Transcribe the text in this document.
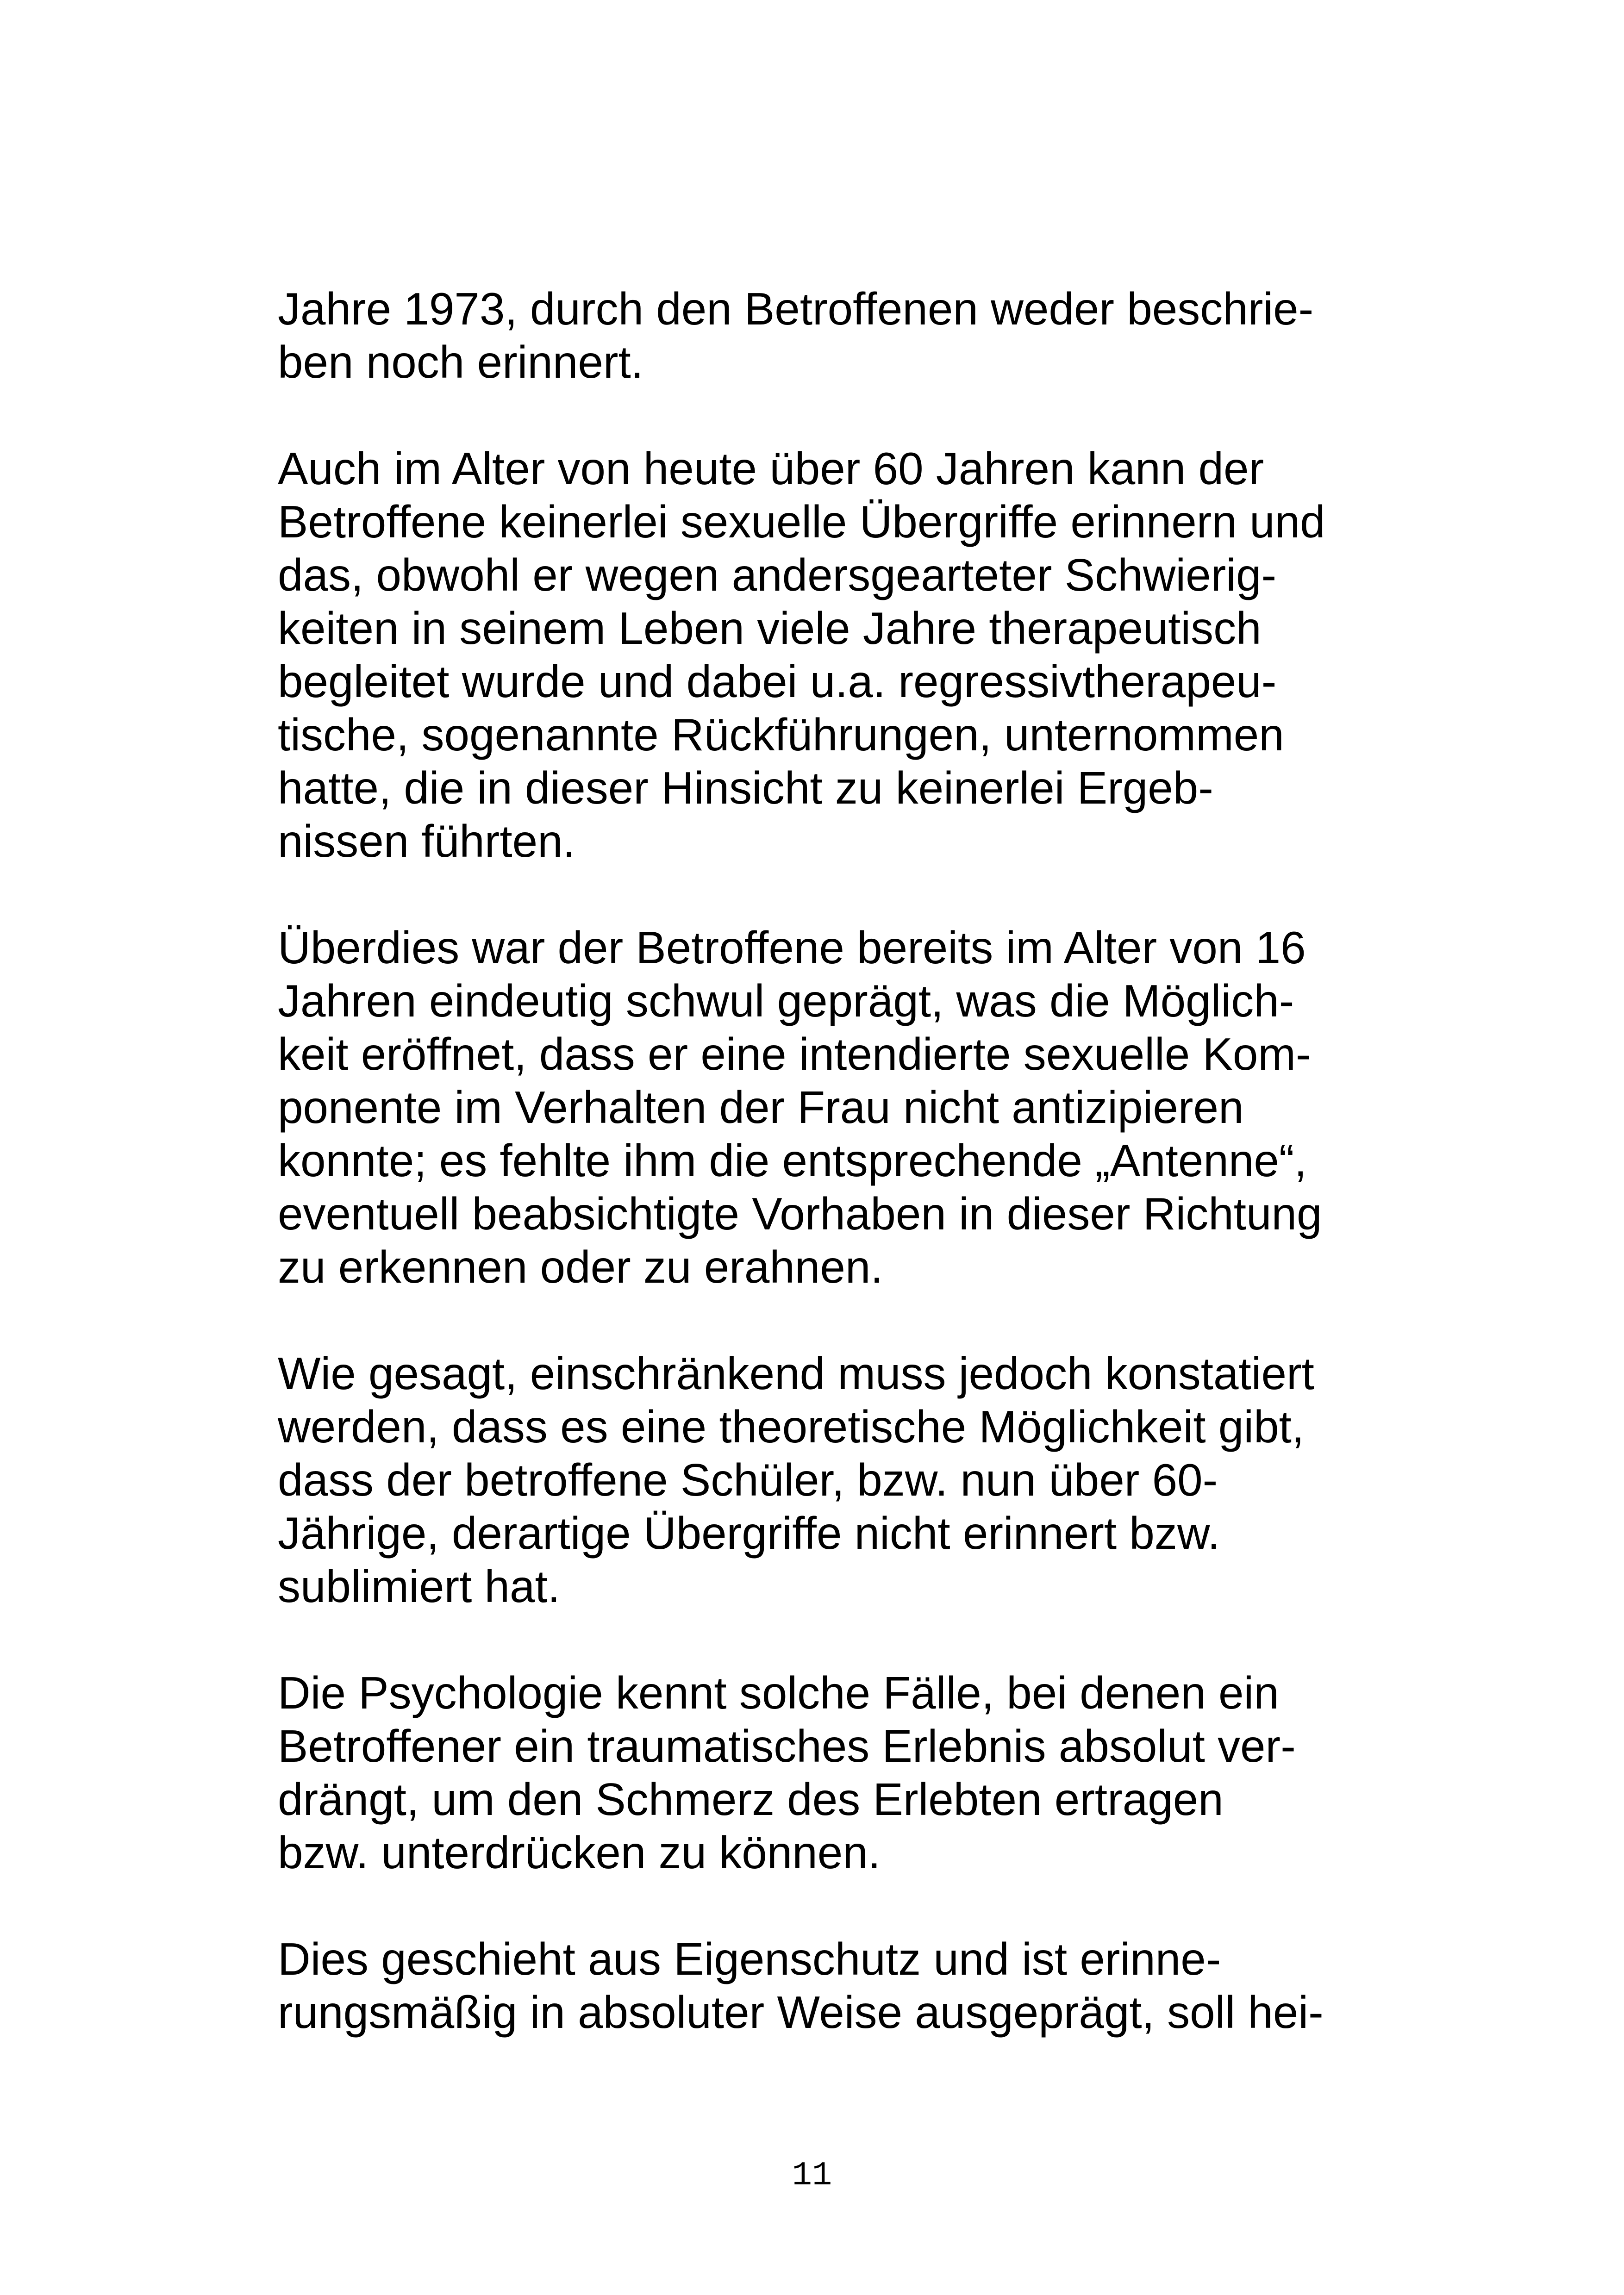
Jahre 1973, durch den Betroffenen weder beschrie-
ben noch erinnert.

Auch im Alter von heute über 60 Jahren kann der
Betroffene keinerlei sexuelle Übergriffe erinnern und
das, obwohl er wegen andersgearteter Schwierig-
keiten in seinem Leben viele Jahre therapeutisch
begleitet wurde und dabei u.a. regressivtherapeu-
tische, sogenannte Rückführungen, unternommen
hatte, die in dieser Hinsicht zu keinerlei Ergeb-
nissen führten.

Überdies war der Betroffene bereits im Alter von 16
Jahren eindeutig schwul geprägt, was die Möglich-
keit eröffnet, dass er eine intendierte sexuelle Kom-
ponente im Verhalten der Frau nicht antizipieren
konnte; es fehlte ihm die entsprechende „Antenne“,
eventuell beabsichtigte Vorhaben in dieser Richtung
zu erkennen oder zu erahnen.

Wie gesagt, einschränkend muss jedoch konstatiert
werden, dass es eine theoretische Möglichkeit gibt,
dass der betroffene Schüler, bzw. nun über 60-
Jährige, derartige Übergriffe nicht erinnert bzw.
sublimiert hat.

Die Psychologie kennt solche Fälle, bei denen ein
Betroffener ein traumatisches Erlebnis absolut ver-
drängt, um den Schmerz des Erlebten ertragen
bzw. unterdrücken zu können.

Dies geschieht aus Eigenschutz und ist erinne-
rungsmäßig in absoluter Weise ausgeprägt, soll hei-

11
